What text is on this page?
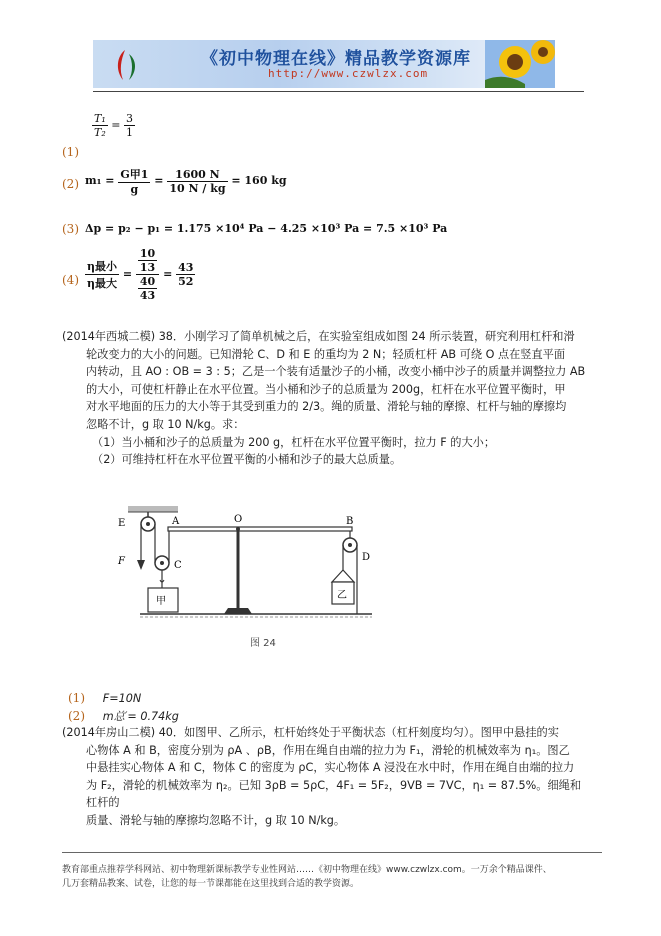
《初中物理在线》精品教学资源库
http://www.czwlzx.com
(1)
$\frac{\text{T₁}}{\text{T₂}} = \frac{3}{1}$
(2) $m_1 = \frac{\text{G甲1}}{g} = \frac{1600 N}{10 N / kg} = 160$ kg
(3) Δp = p₂ − p₁ = 1.175 ×10⁴ Pa − 4.25 ×10³ Pa = 7.5 ×10³ Pa
$(4) \frac{\text{η最小}}{\text{η最大}} = \frac{\frac{10}{13}}{\frac{40}{43}} = \frac{43}{52}$
(2014年西城二模) 38．小刚学习了简单机械之后，在实验室组成如图 24 所示装置，研究利用杠杆和滑
轮改变力的大小的问题。已知滑轮 C、D 和 E 的重均为 2 N；轻质杠杆 AB 可绕 O 点在竖直平面
内转动，且 AO : OB = 3 : 5；乙是一个装有适量沙子的小桶，改变小桶中沙子的质量并调整拉力 AB
的大小，可使杠杆静止在水平位置。当小桶和沙子的总质量为 200g，杠杆在水平位置平衡时，甲
对水平地面的压力的大小等于其受到重力的 2/3。绳的质量、滑轮与轴的摩擦、杠杆与轴的摩擦均
忽略不计，g 取 10 N/kg。求：
（1）当小桶和沙子的总质量为 200 g，杠杆在水平位置平衡时，拉力 F 的大小；
（2）可维持杠杆在水平位置平衡的小桶和沙子的最大总质量。
E	A	O	B
D
C
F
甲
乙
图 24
(1) F=10N
(2) m总′= 0.74kg
(2014年房山二模) 40．如图甲、乙所示，杠杆始终处于平衡状态（杠杆刻度均匀）。图甲中悬挂的实
心物体 A 和 B，密度分别为 ρA 、ρB，作用在绳自由端的拉力为 F₁，滑轮的机械效率为 η₁。图乙
中悬挂实心物体 A 和 C，物体 C 的密度为 ρC，实心物体 A 浸没在水中时，作用在绳自由端的拉力
为 F₂，滑轮的机械效率为 η₂。已知 3ρB = 5ρC，4F₁ = 5F₂，9VB = 7VC，η₁ = 87.5%。细绳和杠杆的
质量、滑轮与轴的摩擦均忽略不计，g 取 10 N/kg。
教育部重点推荐学科网站、初中物理新课标教学专业性网站……《初中物理在线》www.czwlzx.com。一万余个精品课件、
几万套精品教案、试卷，让您的每一节课都能在这里找到合适的教学资源。
